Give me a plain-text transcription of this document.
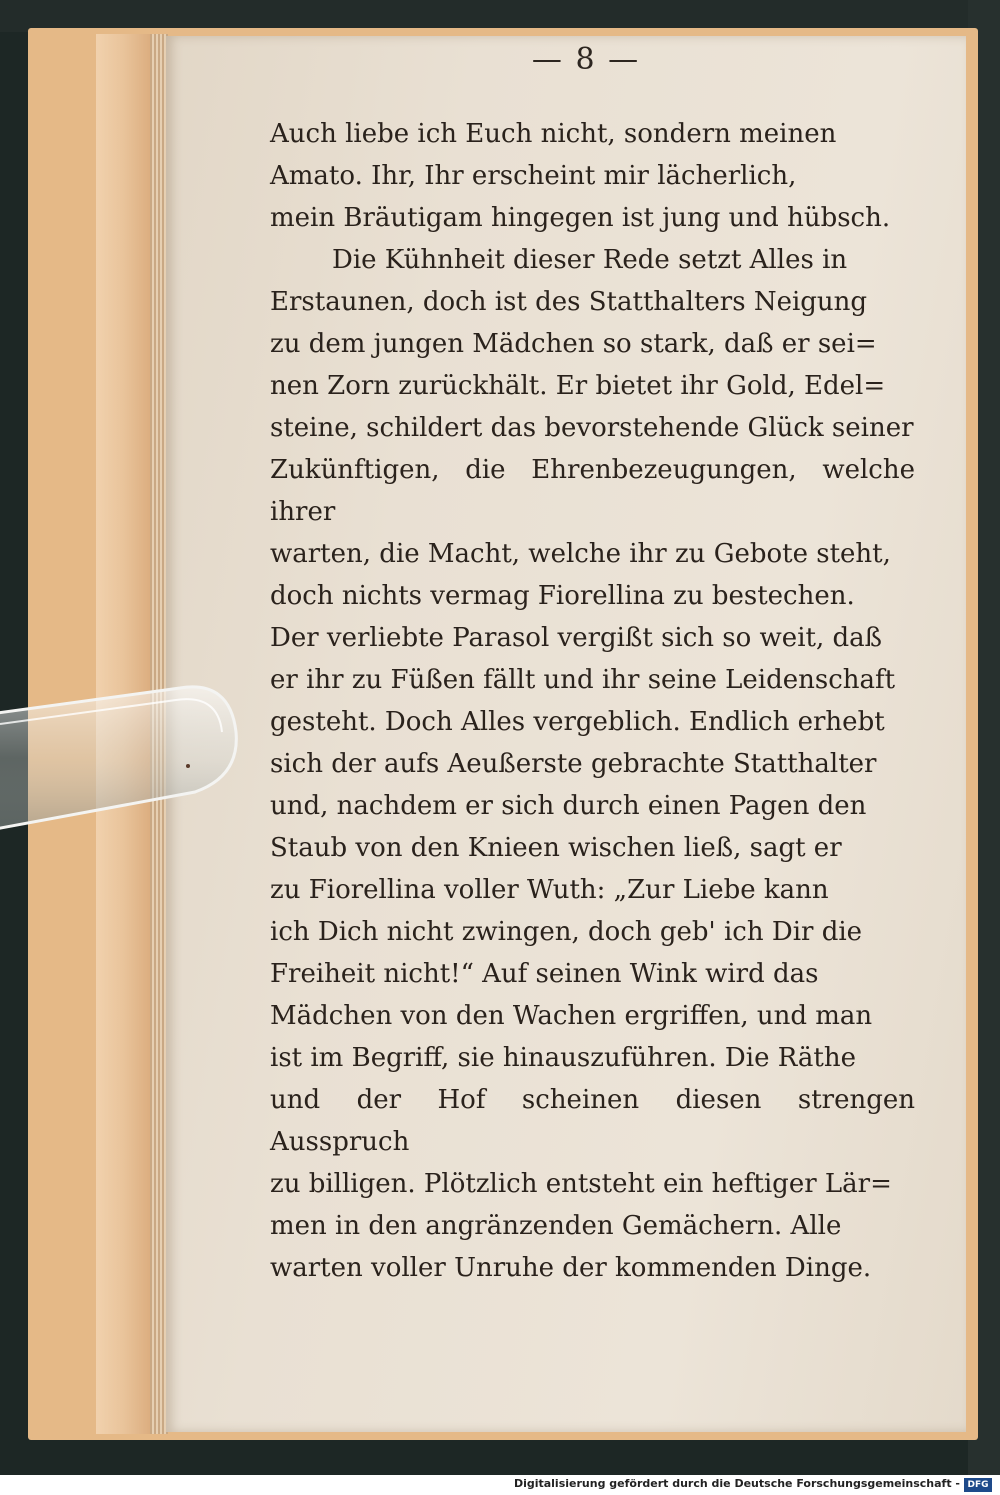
— 8 —

Auch liebe ich Euch nicht, sondern meinen

Amato. Ihr, Ihr erscheint mir lächerlich,

mein Bräutigam hingegen ist jung und hübsch.

Die Kühnheit dieser Rede setzt Alles in

Erstaunen, doch ist des Statthalters Neigung

zu dem jungen Mädchen so stark, daß er sei=

nen Zorn zurückhält. Er bietet ihr Gold, Edel=

steine, schildert das bevorstehende Glück seiner

Zukünftigen, die Ehrenbezeugungen, welche ihrer

warten, die Macht, welche ihr zu Gebote steht,

doch nichts vermag Fiorellina zu bestechen.

Der verliebte Parasol vergißt sich so weit, daß

er ihr zu Füßen fällt und ihr seine Leidenschaft

gesteht. Doch Alles vergeblich. Endlich erhebt

sich der aufs Aeußerste gebrachte Statthalter

und, nachdem er sich durch einen Pagen den

Staub von den Knieen wischen ließ, sagt er

zu Fiorellina voller Wuth: „Zur Liebe kann

ich Dich nicht zwingen, doch geb' ich Dir die

Freiheit nicht!“ Auf seinen Wink wird das

Mädchen von den Wachen ergriffen, und man

ist im Begriff, sie hinauszuführen. Die Räthe

und der Hof scheinen diesen strengen Ausspruch

zu billigen. Plötzlich entsteht ein heftiger Lär=

men in den angränzenden Gemächern. Alle

warten voller Unruhe der kommenden Dinge.

Digitalisierung gefördert durch die Deutsche Forschungsgemeinschaft - DFG
